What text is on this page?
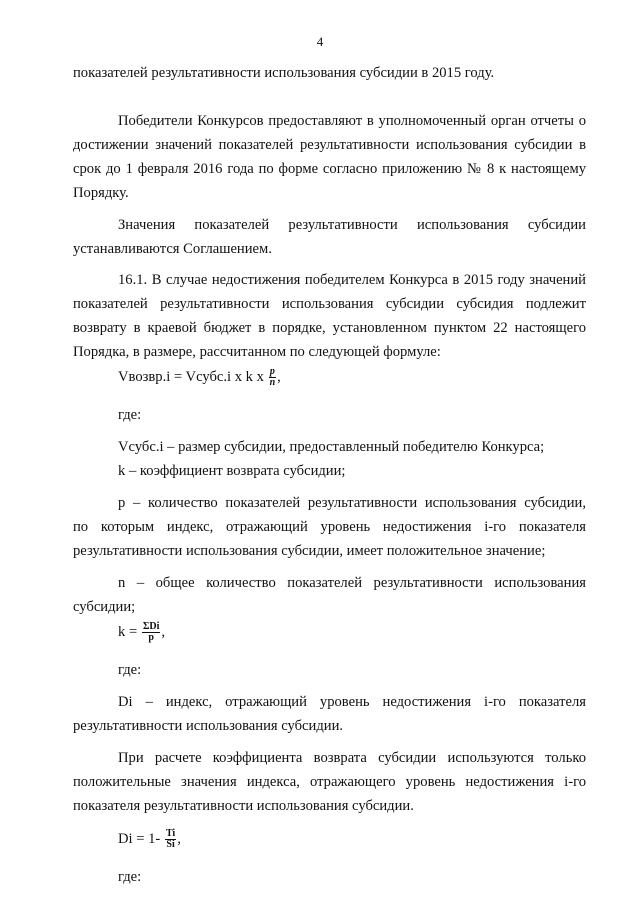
4
показателей результативности использования субсидии в 2015 году.
Победители Конкурсов предоставляют в уполномоченный орган отчеты о
достижении значений показателей результативности использования субсидии в
срок до 1 февраля 2016 года по форме согласно приложению № 8 к настоящему
Порядку.
Значения показателей результативности использования субсидии
устанавливаются Соглашением.
16.1. В случае недостижения победителем Конкурса в 2015 году значений
показателей результативности использования субсидии субсидия подлежит
возврату в краевой бюджет в порядке, установленном пунктом 22 настоящего
Порядка, в размере, рассчитанном по следующей формуле:
Vвозвр.i = Vсубс.i x k x $\frac{p}{n}$ ,
где:
Vсубс.i – размер субсидии, предоставленный победителю Конкурса;
k – коэффициент возврата субсидии;
p – количество показателей результативности использования субсидии,
по которым индекс, отражающий уровень недостижения i-го показателя
результативности использования субсидии, имеет положительное значение;
n – общее количество показателей результативности использования
субсидии;
$k = \frac{\text{ΣDi}}{p}$ ,
где:
Di – индекс, отражающий уровень недостижения i-го показателя
результативности использования субсидии.
При расчете коэффициента возврата субсидии используются только
положительные значения индекса, отражающего уровень недостижения i-го
показателя результативности использования субсидии.
$Di = 1- \frac{Ti}{Si}$ ,
где:
